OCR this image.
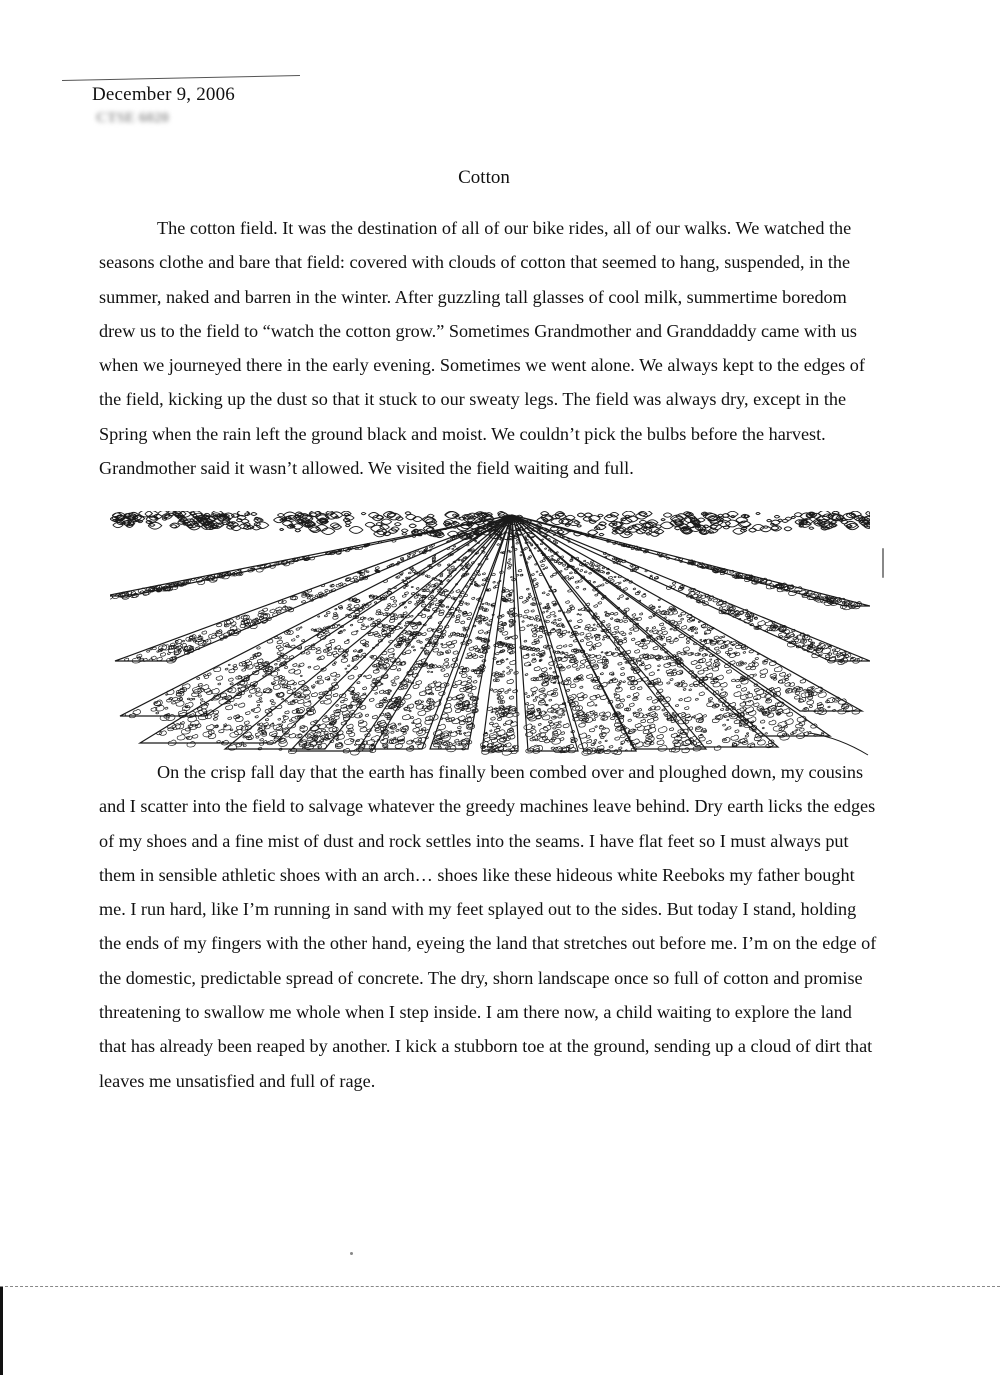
December 9, 2006
CTSE 6020
Cotton

The cotton field. It was the destination of all of our bike rides, all of our walks. We watched the seasons clothe and bare that field: covered with clouds of cotton that seemed to hang, suspended, in the summer, naked and barren in the winter. After guzzling tall glasses of cool milk, summertime boredom drew us to the field to “watch the cotton grow.” Sometimes Grandmother and Granddaddy came with us when we journeyed there in the early evening. Sometimes we went alone. We always kept to the edges of the field, kicking up the dust so that it stuck to our sweaty legs. The field was always dry, except in the Spring when the rain left the ground black and moist. We couldn’t pick the bulbs before the harvest. Grandmother said it wasn’t allowed. We visited the field waiting and full.

On the crisp fall day that the earth has finally been combed over and ploughed down, my cousins and I scatter into the field to salvage whatever the greedy machines leave behind. Dry earth licks the edges of my shoes and a fine mist of dust and rock settles into the seams. I have flat feet so I must always put them in sensible athletic shoes with an arch… shoes like these hideous white Reeboks my father bought me. I run hard, like I’m running in sand with my feet splayed out to the sides. But today I stand, holding the ends of my fingers with the other hand, eyeing the land that stretches out before me. I’m on the edge of the domestic, predictable spread of concrete. The dry, shorn landscape once so full of cotton and promise threatening to swallow me whole when I step inside. I am there now, a child waiting to explore the land that has already been reaped by another. I kick a stubborn toe at the ground, sending up a cloud of dirt that leaves me unsatisfied and full of rage.
